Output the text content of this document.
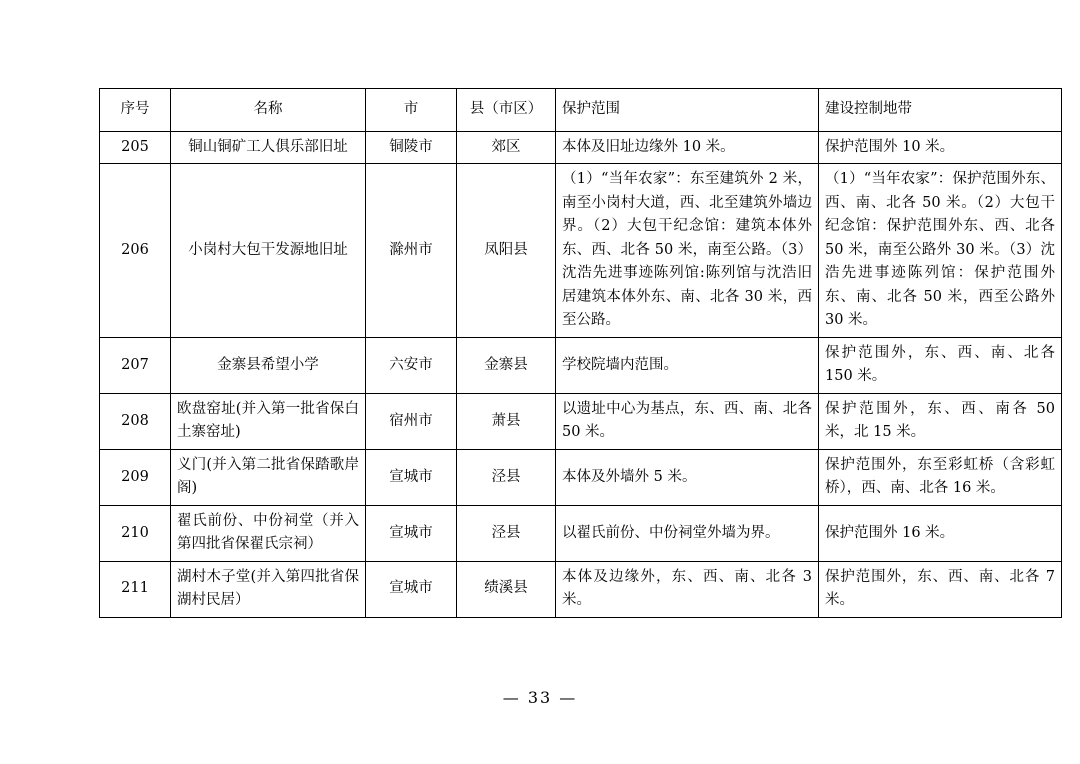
序号	名称	市	县（市区）	保护范围	建设控制地带
205	铜山铜矿工人俱乐部旧址	铜陵市	郊区	本体及旧址边缘外 10 米。	保护范围外 10 米。
206	小岗村大包干发源地旧址	滁州市	凤阳县	（1）“当年农家”：东至建筑外 2 米，南至小岗村大道，西、北至建筑外墙边界。（2）大包干纪念馆：建筑本体外东、西、北各 50 米，南至公路。（3）沈浩先进事迹陈列馆:陈列馆与沈浩旧居建筑本体外东、南、北各 30 米，西至公路。	（1）“当年农家”：保护范围外东、西、南、北各 50 米。（2）大包干纪念馆：保护范围外东、西、北各 50 米，南至公路外 30 米。（3）沈浩先进事迹陈列馆：保护范围外东、南、北各 50 米，西至公路外 30 米。
207	金寨县希望小学	六安市	金寨县	学校院墙内范围。	保护范围外，东、西、南、北各 150 米。
208	欧盘窑址(并入第一批省保白土寨窑址)	宿州市	萧县	以遗址中心为基点，东、西、南、北各 50 米。	保护范围外，东、西、南各 50 米，北 15 米。
209	义门(并入第二批省保踏歌岸阁)	宣城市	泾县	本体及外墙外 5 米。	保护范围外，东至彩虹桥（含彩虹桥），西、南、北各 16 米。
210	翟氏前份、中份祠堂（并入第四批省保翟氏宗祠）	宣城市	泾县	以翟氏前份、中份祠堂外墙为界。	保护范围外 16 米。
211	湖村木子堂(并入第四批省保湖村民居）	宣城市	绩溪县	本体及边缘外，东、西、南、北各 3 米。	保护范围外，东、西、南、北各 7 米。
— 33 —
